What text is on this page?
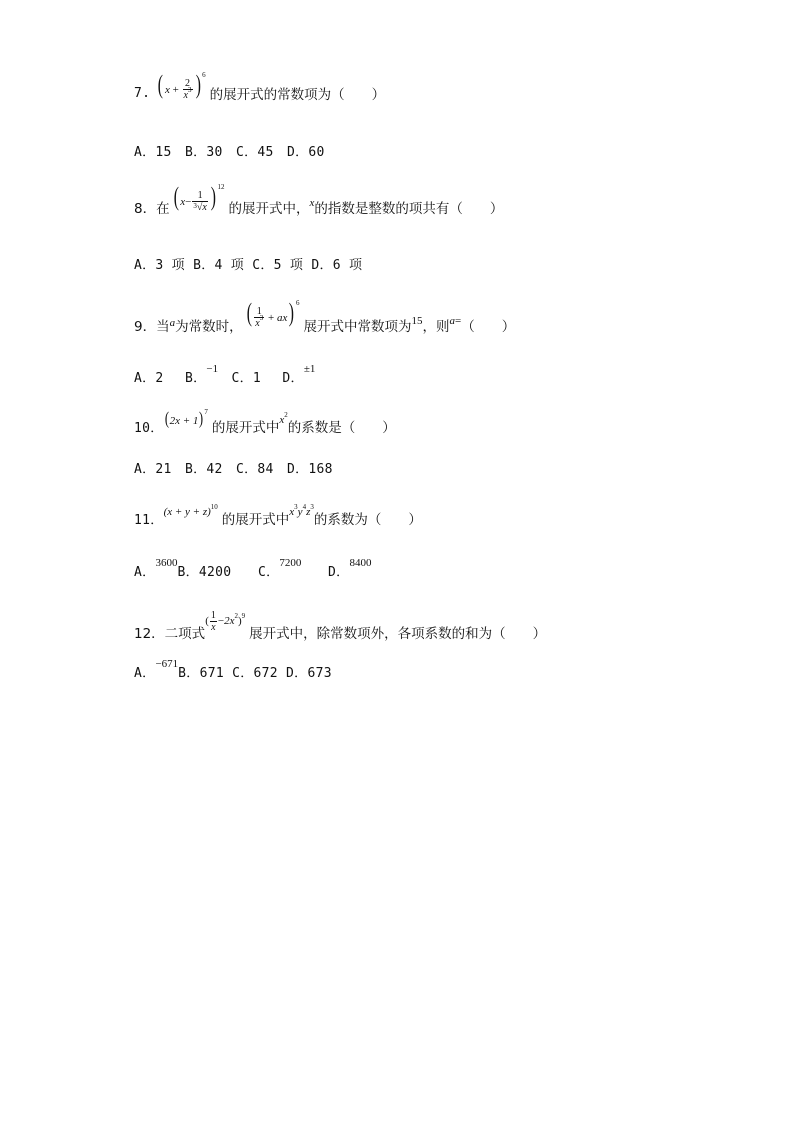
7. ( $x + \frac{2}{x^3}$ ) $^6$
的展开式的常数项为（　　）
A．15　B．30　C．45　D．60
8．在 ( $x- \frac{1}{^3√x}$ ) $^{12}$
的展开式中， x 的指数是整数的项共有（　　）
A．3 项 B．4 项 C．5 项 D．6 项
9．当 a 为常数时，
( $\frac{1}{x^3} + ax$) $^6$
展开式中常数项为 15 ，则 a = （　　）
A．2　 B．
−1
　C．1　 D．
±1
10． $(2x + 1)^7$
的展开式中 $x^2$
的系数是（　　）
A．21　B．42　C．84　D．168
11．
$(x + y + z)^{10}$
的展开式中 $x^3y^4z^3$
的系数为（　　）
A．
3600
B．4200　　C．
7200
　　D．
8400
12．二项式
( $\frac{1}{x} -2x^2)^9$
展开式中，除常数项外，各项系数的和为（　　）
A．
−671
B．671 C．672 D．673
